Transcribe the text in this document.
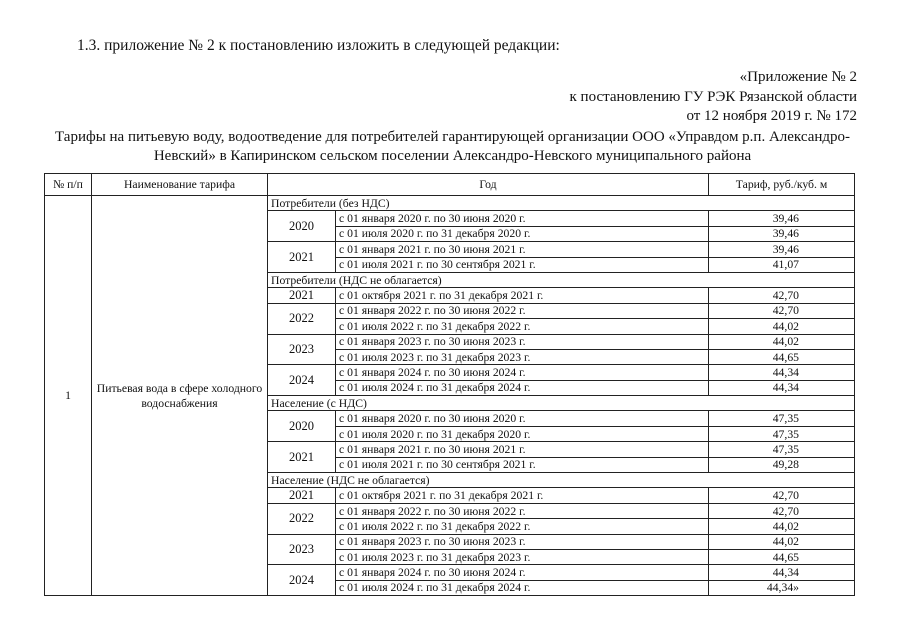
1.3. приложение № 2 к постановлению изложить в следующей редакции:
«Приложение № 2
к постановлению ГУ РЭК Рязанской области
от 12 ноября 2019 г. № 172
Тарифы на питьевую воду, водоотведение для потребителей гарантирующей организации ООО «Управдом р.п. Александро-
Невский» в Капиринском сельском поселении Александро-Невского муниципального района
№ п/п	Наименование тарифа	Год		Тариф, руб./куб. м
1	Питьевая вода в сфере холодного водоснабжения	Потребители (без НДС)		
		2020	с 01 января 2020 г. по 30 июня 2020 г.	39,46
			с 01 июля 2020 г. по 31 декабря 2020 г.	39,46
		2021	с 01 января 2021 г. по 30 июня 2021 г.	39,46
			с 01 июля 2021 г. по 30 сентября 2021 г.	41,07
		Потребители (НДС не облагается)		
		2021	с 01 октября 2021 г. по 31 декабря 2021 г.	42,70
		2022	с 01 января 2022 г. по 30 июня 2022 г.	42,70
			с 01 июля 2022 г. по 31 декабря 2022 г.	44,02
		2023	с 01 января 2023 г. по 30 июня 2023 г.	44,02
			с 01 июля 2023 г. по 31 декабря 2023 г.	44,65
		2024	с 01 января 2024 г. по 30 июня 2024 г.	44,34
			с 01 июля 2024 г. по 31 декабря 2024 г.	44,34
		Население (с НДС)		
		2020	с 01 января 2020 г. по 30 июня 2020 г.	47,35
			с 01 июля 2020 г. по 31 декабря 2020 г.	47,35
		2021	с 01 января 2021 г. по 30 июня 2021 г.	47,35
			с 01 июля 2021 г. по 30 сентября 2021 г.	49,28
		Население (НДС не облагается)		
		2021	с 01 октября 2021 г. по 31 декабря 2021 г.	42,70
		2022	с 01 января 2022 г. по 30 июня 2022 г.	42,70
			с 01 июля 2022 г. по 31 декабря 2022 г.	44,02
		2023	с 01 января 2023 г. по 30 июня 2023 г.	44,02
			с 01 июля 2023 г. по 31 декабря 2023 г.	44,65
		2024	с 01 января 2024 г. по 30 июня 2024 г.	44,34
			с 01 июля 2024 г. по 31 декабря 2024 г.	44,34»
